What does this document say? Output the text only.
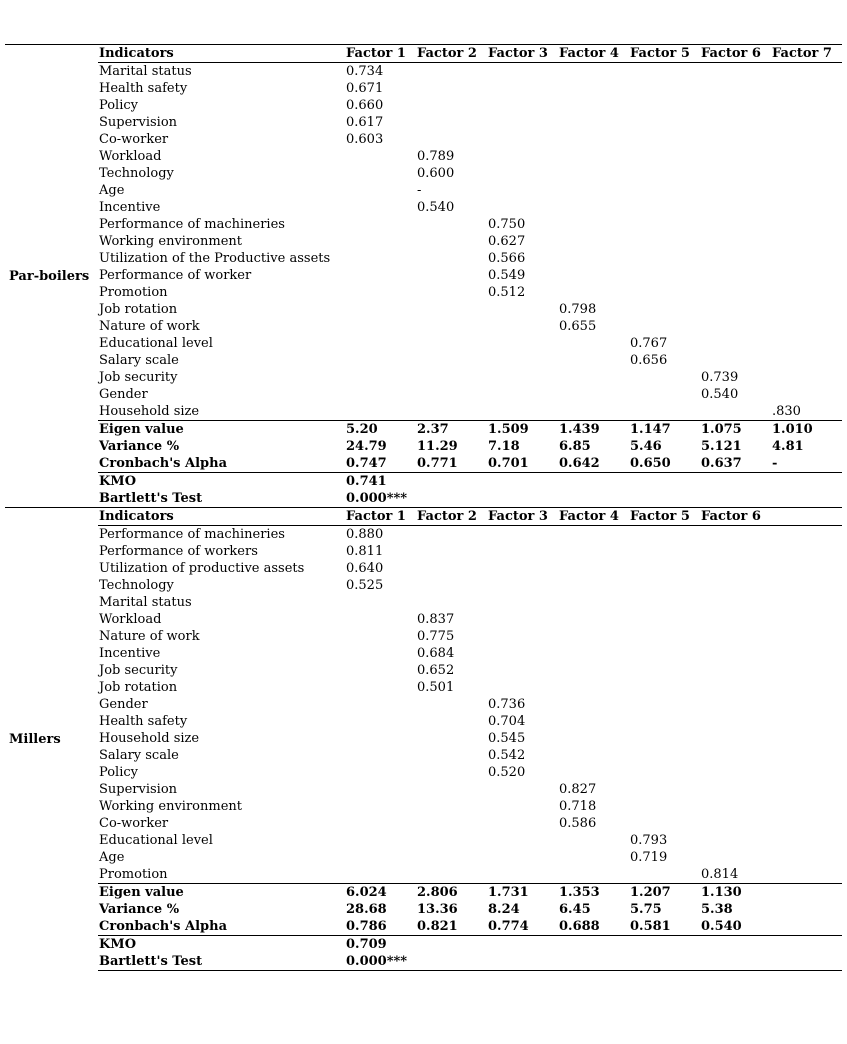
Par-boilers	Indicators	Factor 1	Factor 2	Factor 3	Factor 4	Factor 5	Factor 6	Factor 7
	Marital status	0.734						
	Health safety	0.671						
	Policy	0.660						
	Supervision	0.617						
	Co-worker	0.603						
	Workload		0.789					
	Technology		0.600					
	Age		-					
	Incentive		0.540					
	Performance of machineries			0.750				
	Working environment			0.627				
	Utilization of the Productive assets			0.566				
	Performance of worker			0.549				
	Promotion			0.512				
	Job rotation				0.798			
	Nature of work				0.655			
	Educational level					0.767		
	Salary scale					0.656		
	Job security						0.739	
	Gender						0.540	
	Household size							.830
	Eigen value	5.20	2.37	1.509	1.439	1.147	1.075	1.010
	Variance %	24.79	11.29	7.18	6.85	5.46	5.121	4.81
	Cronbach's Alpha	0.747	0.771	0.701	0.642	0.650	0.637	-
	KMO	0.741						
	Bartlett's Test	0.000***						
Millers	Indicators	Factor 1	Factor 2	Factor 3	Factor 4	Factor 5	Factor 6	
	Performance of machineries	0.880						
	Performance of workers	0.811						
	Utilization of productive assets	0.640						
	Technology	0.525						
	Marital status							
	Workload		0.837					
	Nature of work		0.775					
	Incentive		0.684					
	Job security		0.652					
	Job rotation		0.501					
	Gender			0.736				
	Health safety			0.704				
	Household size			0.545				
	Salary scale			0.542				
	Policy			0.520				
	Supervision				0.827			
	Working environment				0.718			
	Co-worker				0.586			
	Educational level					0.793		
	Age					0.719		
	Promotion						0.814	
	Eigen value	6.024	2.806	1.731	1.353	1.207	1.130	
	Variance %	28.68	13.36	8.24	6.45	5.75	5.38	
	Cronbach's Alpha	0.786	0.821	0.774	0.688	0.581	0.540	
	KMO	0.709						
	Bartlett's Test	0.000***						
